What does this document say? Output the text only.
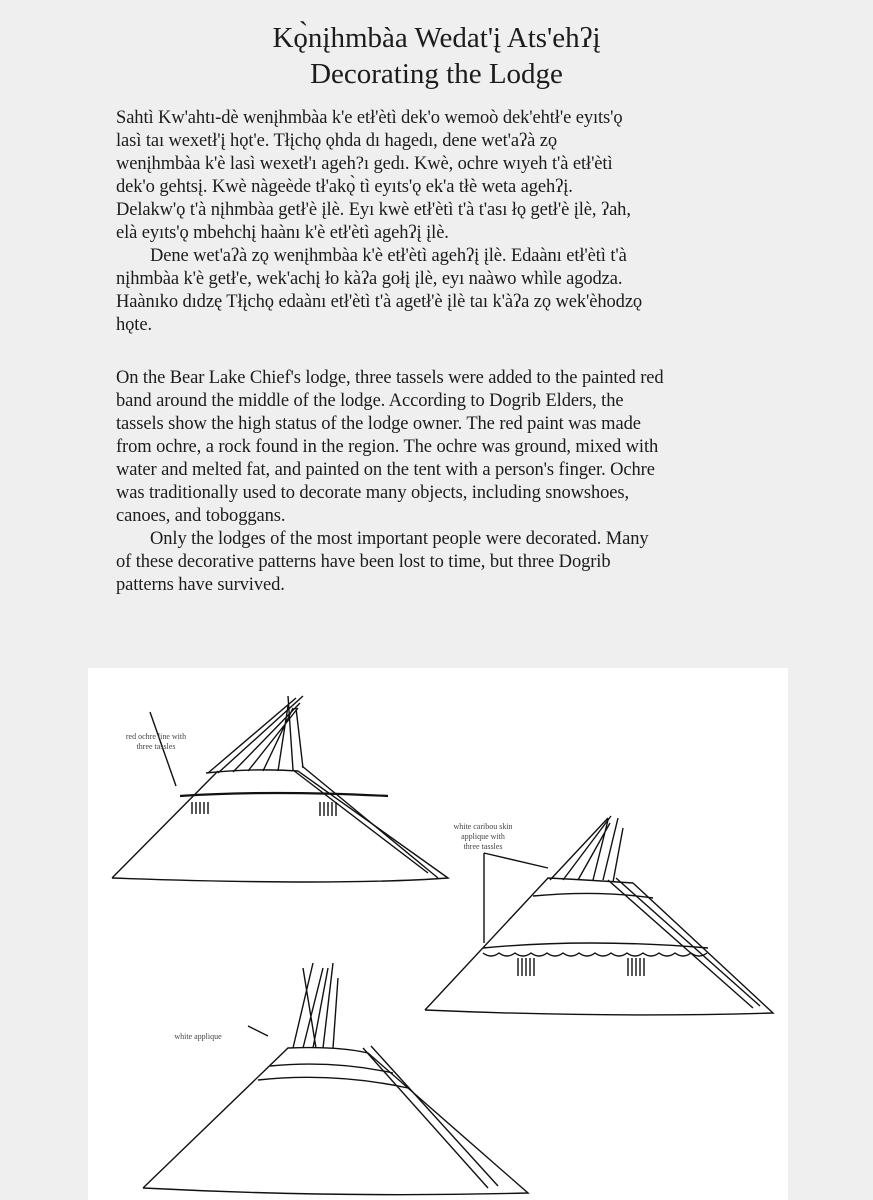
Kǫ̀nįhmbàa Wedat'į Ats'ehʔį
Decorating the Lodge
Sahtì Kw'ahtı-dè wenįhmbàa k'e etł'ètì dek'o wemoò dek'ehtł'e eyıts'ǫ
lasì taı wexetł'į hǫt'e. Tłįchǫ ǫhda dı hagedı, dene wet'aʔà zǫ
wenįhmbàa k'è lasì wexetł'ı ageh?ı gedı. Kwè, ochre wıyeh t'à etł'ètì
dek'o gehtsį. Kwè nàgeède tł'akǫ̀ tì eyıts'ǫ ek'a tłè weta agehʔį.
Delakw'ǫ t'à nįhmbàa getł'è įlè. Eyı kwè etł'ètì t'à t'ası łǫ getł'è įlè, ʔah,
elà eyıts'ǫ mbehchį haànı k'è etł'ètì agehʔį įlè.
Dene wet'aʔà zǫ wenįhmbàa k'è etł'ètì agehʔį įlè. Edaànı etł'ètì t'à
nįhmbàa k'è getł'e, wek'achį ło kàʔa gołį įlè, eyı naàwo whìle agodza.
Haànıko dıdzę Tłįchǫ edaànı etł'ètì t'à agetł'è įlè taı k'àʔa zǫ wek'èhodzǫ
hǫte.
On the Bear Lake Chief's lodge, three tassels were added to the painted red
band around the middle of the lodge. According to Dogrib Elders, the
tassels show the high status of the lodge owner. The red paint was made
from ochre, a rock found in the region. The ochre was ground, mixed with
water and melted fat, and painted on the tent with a person's finger. Ochre
was traditionally used to decorate many objects, including snowshoes,
canoes, and toboggans.
Only the lodges of the most important people were decorated. Many
of these decorative patterns have been lost to time, but three Dogrib
patterns have survived.
red ochre line with
three tassles
white caribou skin
applique with
three tassles
white applique
